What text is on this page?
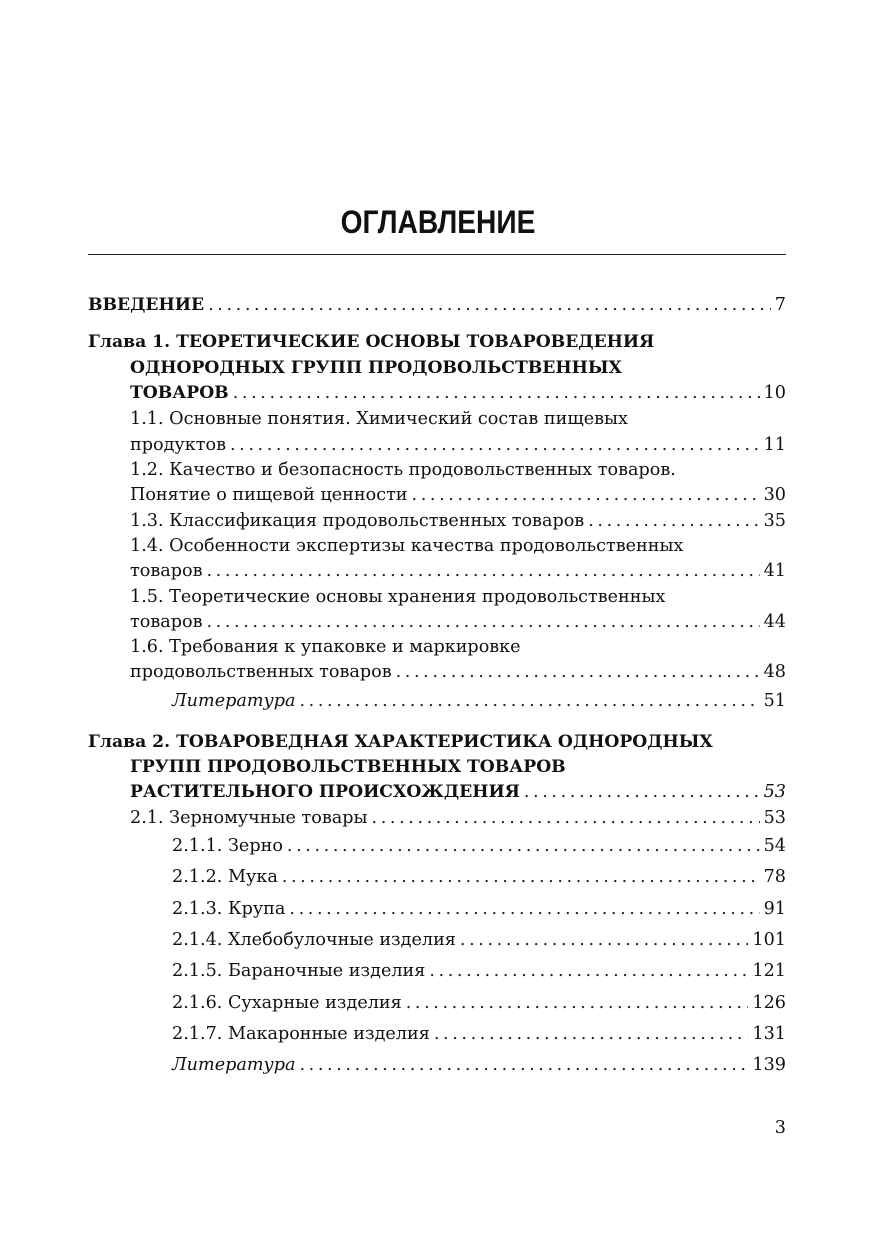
ОГЛАВЛЕНИЕ
ВВЕДЕНИЕ . . .	7
Глава 1. ТЕОРЕТИЧЕСКИЕ ОСНОВЫ ТОВАРОВЕДЕНИЯ
ОДНОРОДНЫХ ГРУПП ПРОДОВОЛЬСТВЕННЫХ
ТОВАРОВ . . .	10
1.1. Основные понятия. Химический состав пищевых
продуктов . . .	11
1.2. Качество и безопасность продовольственных товаров.
Понятие о пищевой ценности . . .	30
1.3. Классификация продовольственных товаров . . .	35
1.4. Особенности экспертизы качества продовольственных
товаров . . .	41
1.5. Теоретические основы хранения продовольственных
товаров . . .	44
1.6. Требования к упаковке и маркировке
продовольственных товаров . . .	48
Литература . . .	51
Глава 2. ТОВАРОВЕДНАЯ ХАРАКТЕРИСТИКА ОДНОРОДНЫХ
ГРУПП ПРОДОВОЛЬСТВЕННЫХ ТОВАРОВ
РАСТИТЕЛЬНОГО ПРОИСХОЖДЕНИЯ . . .	53
2.1. Зерномучные товары . . .	53
2.1.1. Зерно . . .	54
2.1.2. Мука . . .	78
2.1.3. Крупа . . .	91
2.1.4. Хлебобулочные изделия . . .	101
2.1.5. Бараночные изделия . . .	121
2.1.6. Сухарные изделия . . .	126
2.1.7. Макаронные изделия . . .	131
Литература . . .	139
3
